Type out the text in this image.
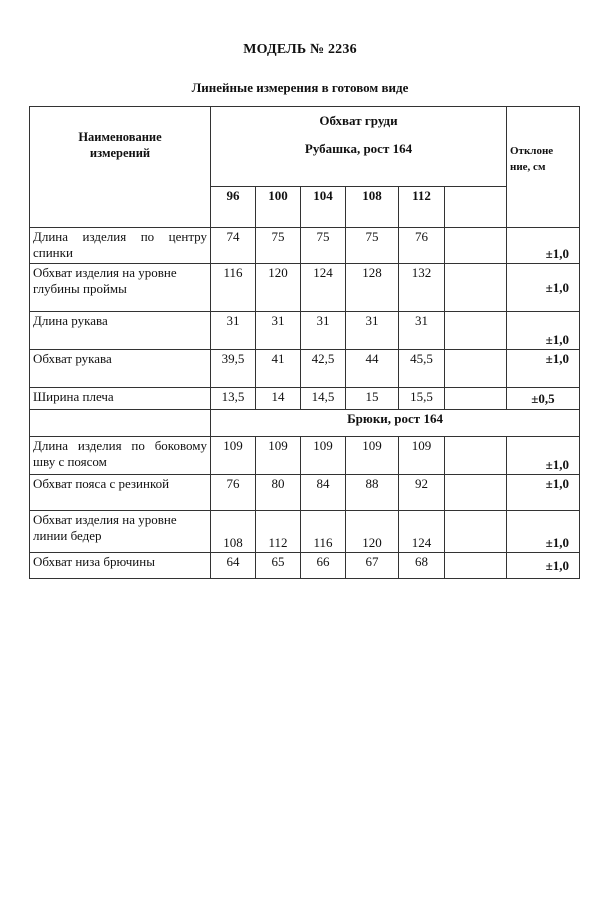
МОДЕЛЬ № 2236
Линейные измерения в готовом виде
Наименование
измерений	Обхват груди
Рубашка, рост 164						Отклоне
ние, см
	96	100	104	108	112		
Длина изделия по центру спинки	74	75	75	75	76		±1,0
Обхват изделия на уровне глубины проймы	116	120	124	128	132		±1,0
Длина рукава	31	31	31	31	31		±1,0
Обхват рукава	39,5	41	42,5	44	45,5		±1,0
Ширина плеча	13,5	14	14,5	15	15,5		±0,5
	Брюки, рост 164						
Длина изделия по боковому шву с поясом	109	109	109	109	109		±1,0
Обхват пояса с резинкой	76	80	84	88	92		±1,0
Обхват изделия на уровне линии бедер	108	112	116	120	124		±1,0
Обхват низа брючины	64	65	66	67	68		±1,0
